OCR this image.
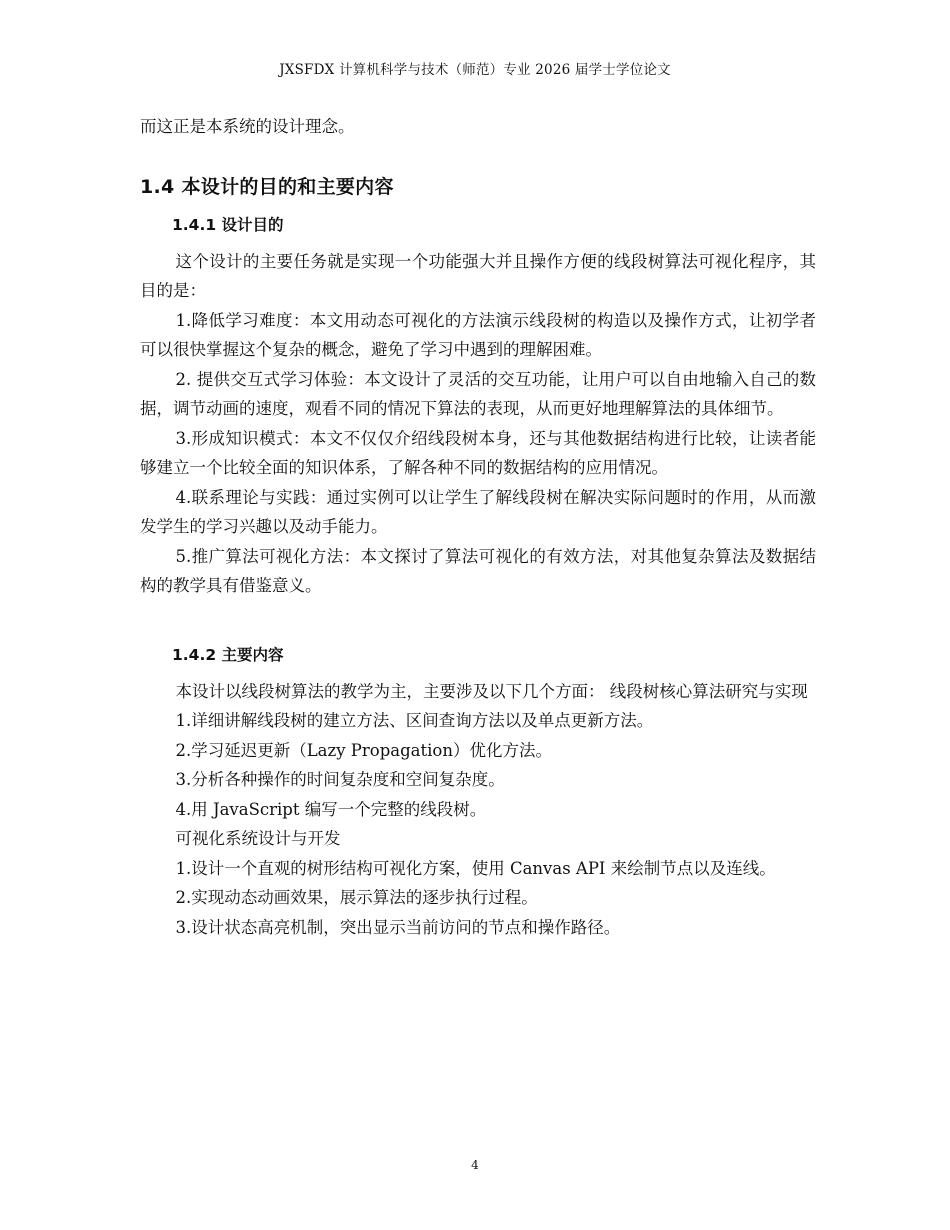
JXSFDX 计算机科学与技术（师范）专业 2026 届学士学位论文

而这正是本系统的设计理念。

1.4 本设计的目的和主要内容
1.4.1 设计目的

这个设计的主要任务就是实现一个功能强大并且操作方便的线段树算法可视化程序，其目的是：

1.降低学习难度：本文用动态可视化的方法演示线段树的构造以及操作方式，让初学者可以很快掌握这个复杂的概念，避免了学习中遇到的理解困难。

2. 提供交互式学习体验：本文设计了灵活的交互功能，让用户可以自由地输入自己的数据，调节动画的速度，观看不同的情况下算法的表现，从而更好地理解算法的具体细节。

3.形成知识模式：本文不仅仅介绍线段树本身，还与其他数据结构进行比较，让读者能够建立一个比较全面的知识体系，了解各种不同的数据结构的应用情况。

4.联系理论与实践：通过实例可以让学生了解线段树在解决实际问题时的作用，从而激发学生的学习兴趣以及动手能力。

5.推广算法可视化方法：本文探讨了算法可视化的有效方法，对其他复杂算法及数据结构的教学具有借鉴意义。

1.4.2 主要内容

本设计以线段树算法的教学为主，主要涉及以下几个方面： 线段树核心算法研究与实现

1.详细讲解线段树的建立方法、区间查询方法以及单点更新方法。

2.学习延迟更新（Lazy Propagation）优化方法。

3.分析各种操作的时间复杂度和空间复杂度。

4.用 JavaScript 编写一个完整的线段树。

可视化系统设计与开发

1.设计一个直观的树形结构可视化方案，使用 Canvas API 来绘制节点以及连线。

2.实现动态动画效果，展示算法的逐步执行过程。

3.设计状态高亮机制，突出显示当前访问的节点和操作路径。

4
